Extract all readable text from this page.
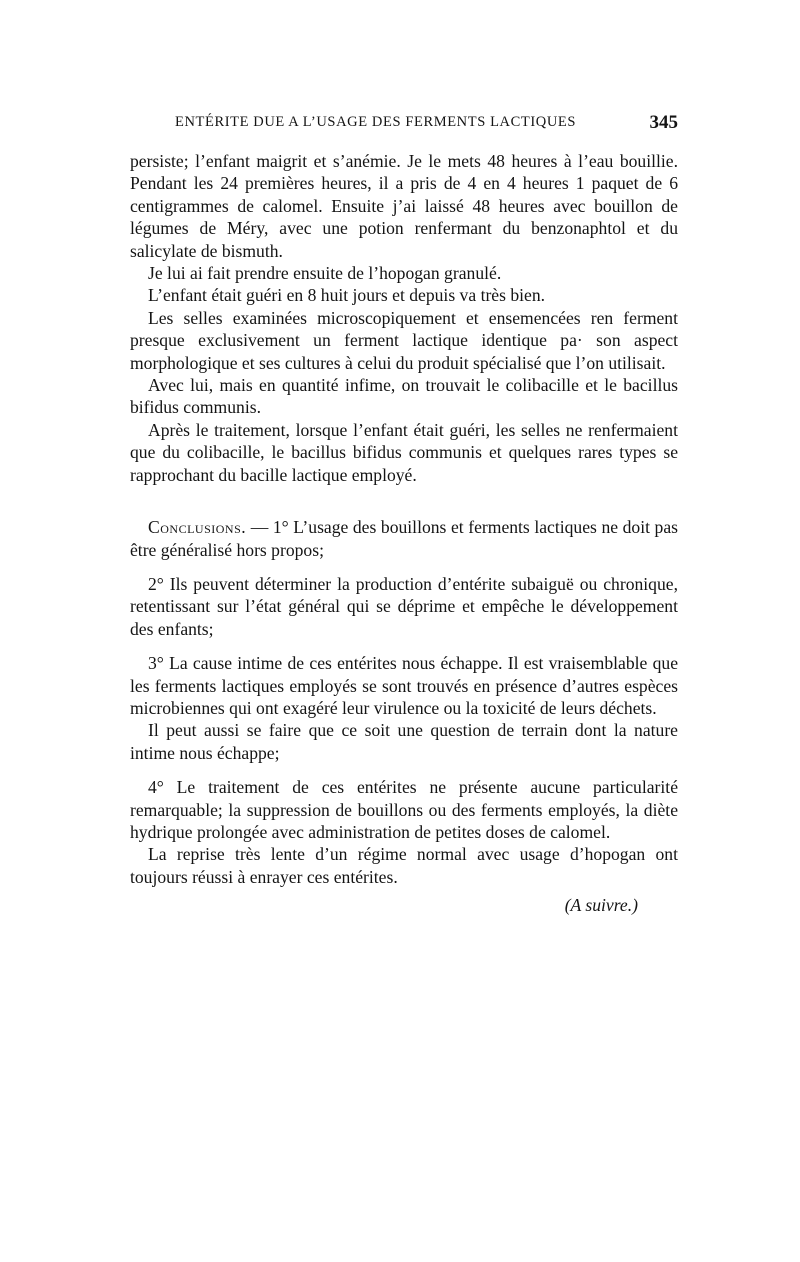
ENTÉRITE DUE A L’USAGE DES FERMENTS LACTIQUES	345

persiste; l’enfant maigrit et s’anémie. Je le mets 48 heures à l’eau bouillie. Pendant les 24 premières heures, il a pris de 4 en 4 heures 1 paquet de 6 centigrammes de calomel. Ensuite j’ai laissé 48 heures avec bouillon de légumes de Méry, avec une potion renfermant du benzonaphtol et du salicylate de bismuth.

Je lui ai fait prendre ensuite de l’hopogan granulé.

L’enfant était guéri en 8 huit jours et depuis va très bien.

Les selles examinées microscopiquement et ensemencées ren ferment presque exclusivement un ferment lactique identique pa· son aspect morphologique et ses cultures à celui du produit spécialisé que l’on utilisait.

Avec lui, mais en quantité infime, on trouvait le colibacille et le bacillus bifidus communis.

Après le traitement, lorsque l’enfant était guéri, les selles ne renfermaient que du colibacille, le bacillus bifidus communis et quelques rares types se rapprochant du bacille lactique employé.

Conclusions. — 1° L’usage des bouillons et ferments lactiques ne doit pas être généralisé hors propos;

2° Ils peuvent déterminer la production d’entérite subaiguë ou chronique, retentissant sur l’état général qui se déprime et empêche le développement des enfants;

3° La cause intime de ces entérites nous échappe. Il est vraisemblable que les ferments lactiques employés se sont trouvés en présence d’autres espèces microbiennes qui ont exagéré leur virulence ou la toxicité de leurs déchets.

Il peut aussi se faire que ce soit une question de terrain dont la nature intime nous échappe;

4° Le traitement de ces entérites ne présente aucune particularité remarquable; la suppression de bouillons ou des ferments employés, la diète hydrique prolongée avec administration de petites doses de calomel.

La reprise très lente d’un régime normal avec usage d’hopogan ont toujours réussi à enrayer ces entérites.

(A suivre.)
